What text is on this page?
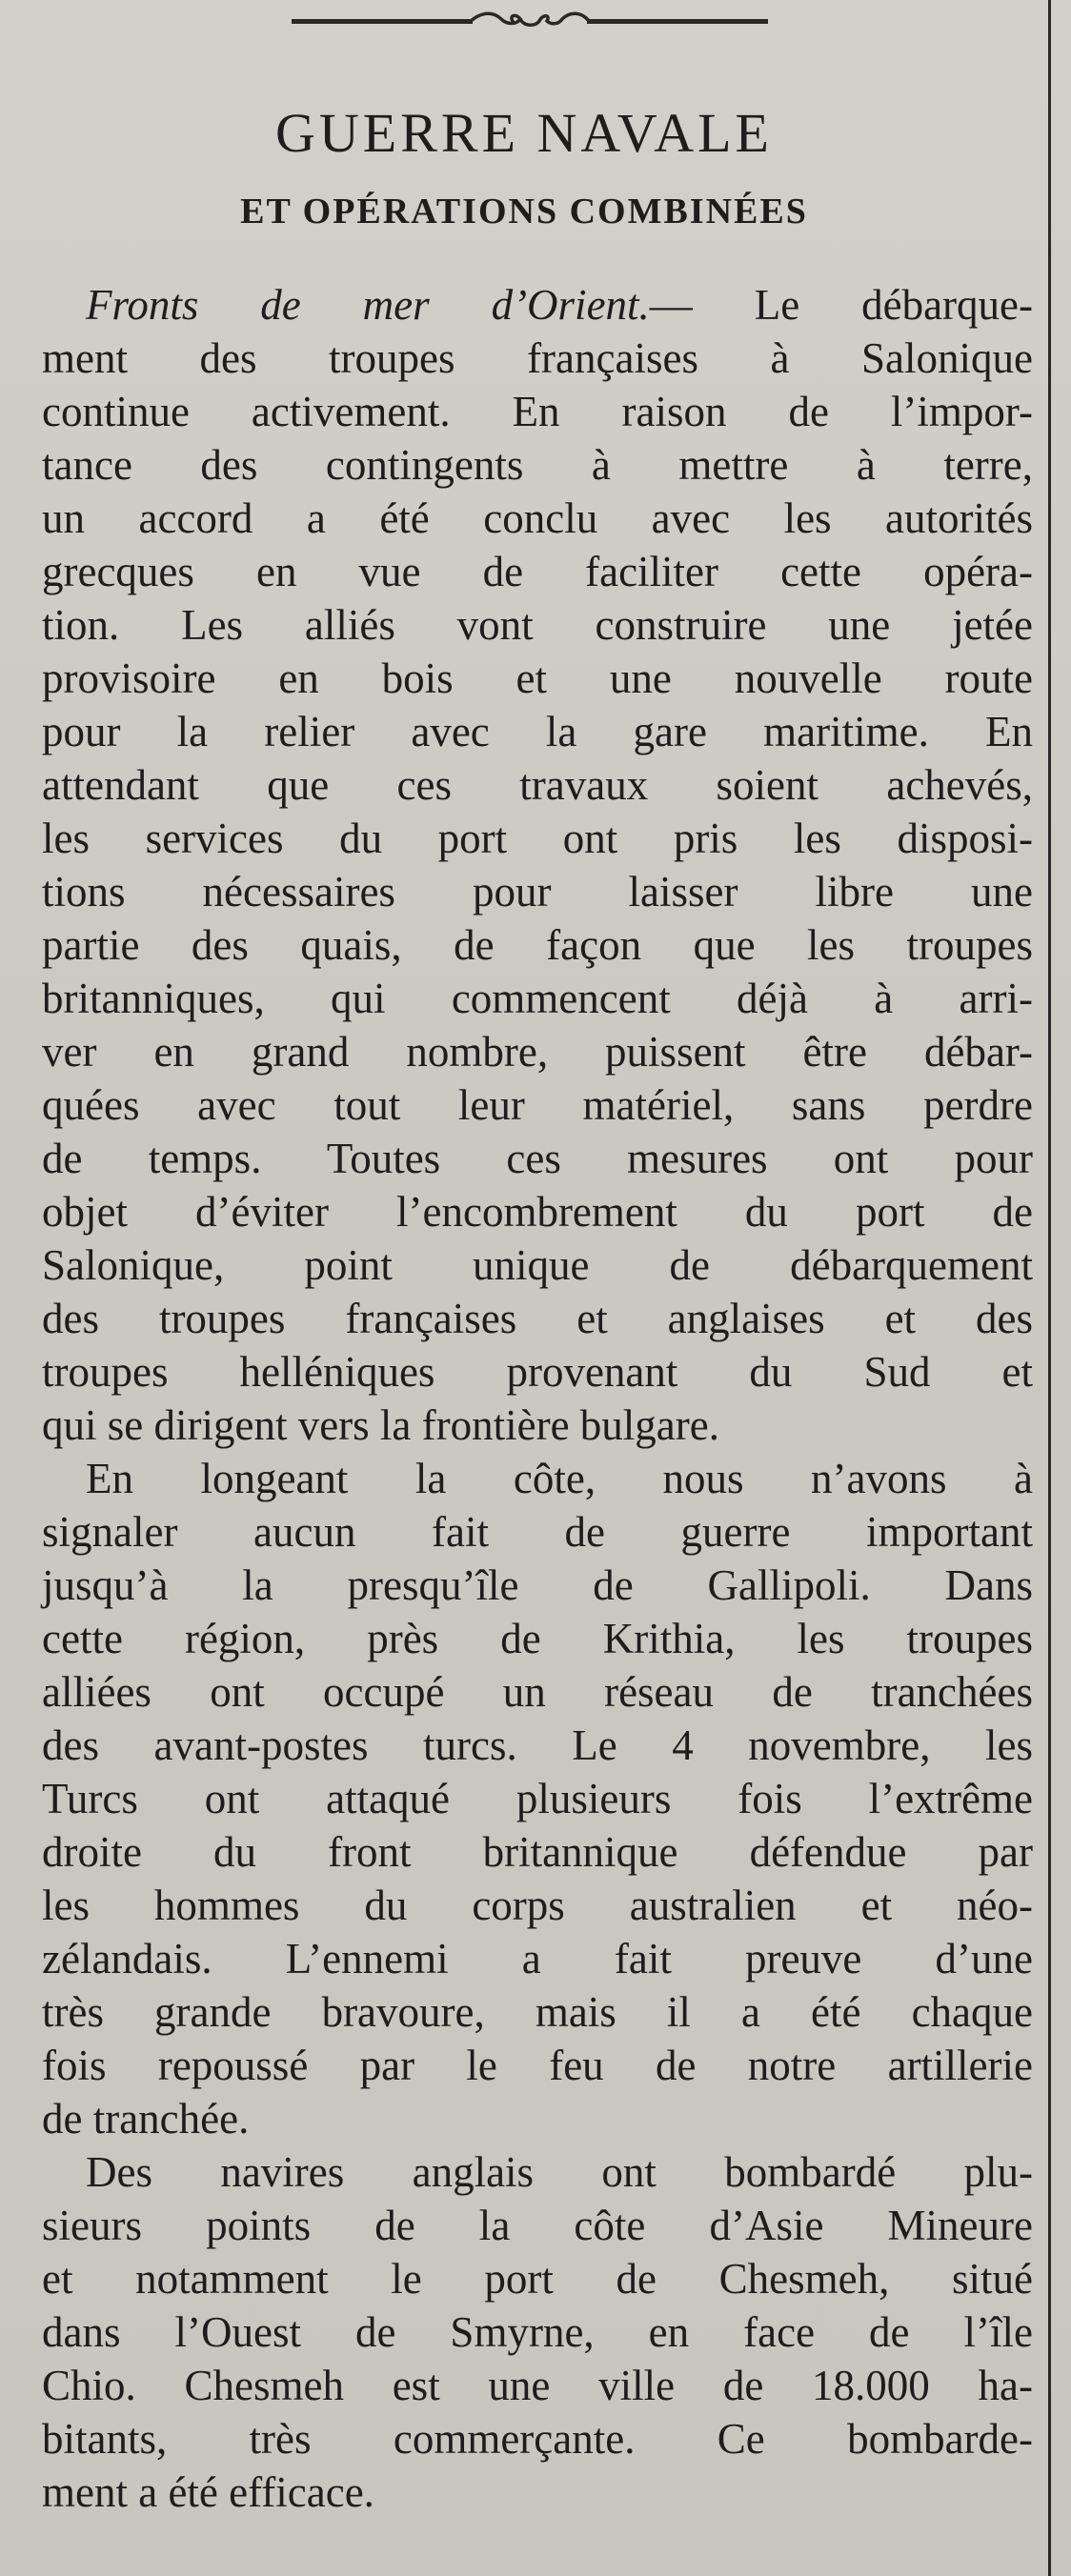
GUERRE NAVALE
ET OPÉRATIONS COMBINÉES

Fronts de mer d’Orient.— Le débarque-
ment des troupes françaises à Salonique
continue activement. En raison de l’impor-
tance des contingents à mettre à terre,
un accord a été conclu avec les autorités
grecques en vue de faciliter cette opéra-
tion. Les alliés vont construire une jetée
provisoire en bois et une nouvelle route
pour la relier avec la gare maritime. En
attendant que ces travaux soient achevés,
les services du port ont pris les disposi-
tions nécessaires pour laisser libre une
partie des quais, de façon que les troupes
britanniques, qui commencent déjà à arri-
ver en grand nombre, puissent être débar-
quées avec tout leur matériel, sans perdre
de temps. Toutes ces mesures ont pour
objet d’éviter l’encombrement du port de
Salonique, point unique de débarquement
des troupes françaises et anglaises et des
troupes helléniques provenant du Sud et
qui se dirigent vers la frontière bulgare.

En longeant la côte, nous n’avons à
signaler aucun fait de guerre important
jusqu’à la presqu’île de Gallipoli. Dans
cette région, près de Krithia, les troupes
alliées ont occupé un réseau de tranchées
des avant-postes turcs. Le 4 novembre, les
Turcs ont attaqué plusieurs fois l’extrême
droite du front britannique défendue par
les hommes du corps australien et néo-
zélandais. L’ennemi a fait preuve d’une
très grande bravoure, mais il a été chaque
fois repoussé par le feu de notre artillerie
de tranchée.

Des navires anglais ont bombardé plu-
sieurs points de la côte d’Asie Mineure
et notamment le port de Chesmeh, situé
dans l’Ouest de Smyrne, en face de l’île
Chio. Chesmeh est une ville de 18.000 ha-
bitants, très commerçante. Ce bombarde-
ment a été efficace.
